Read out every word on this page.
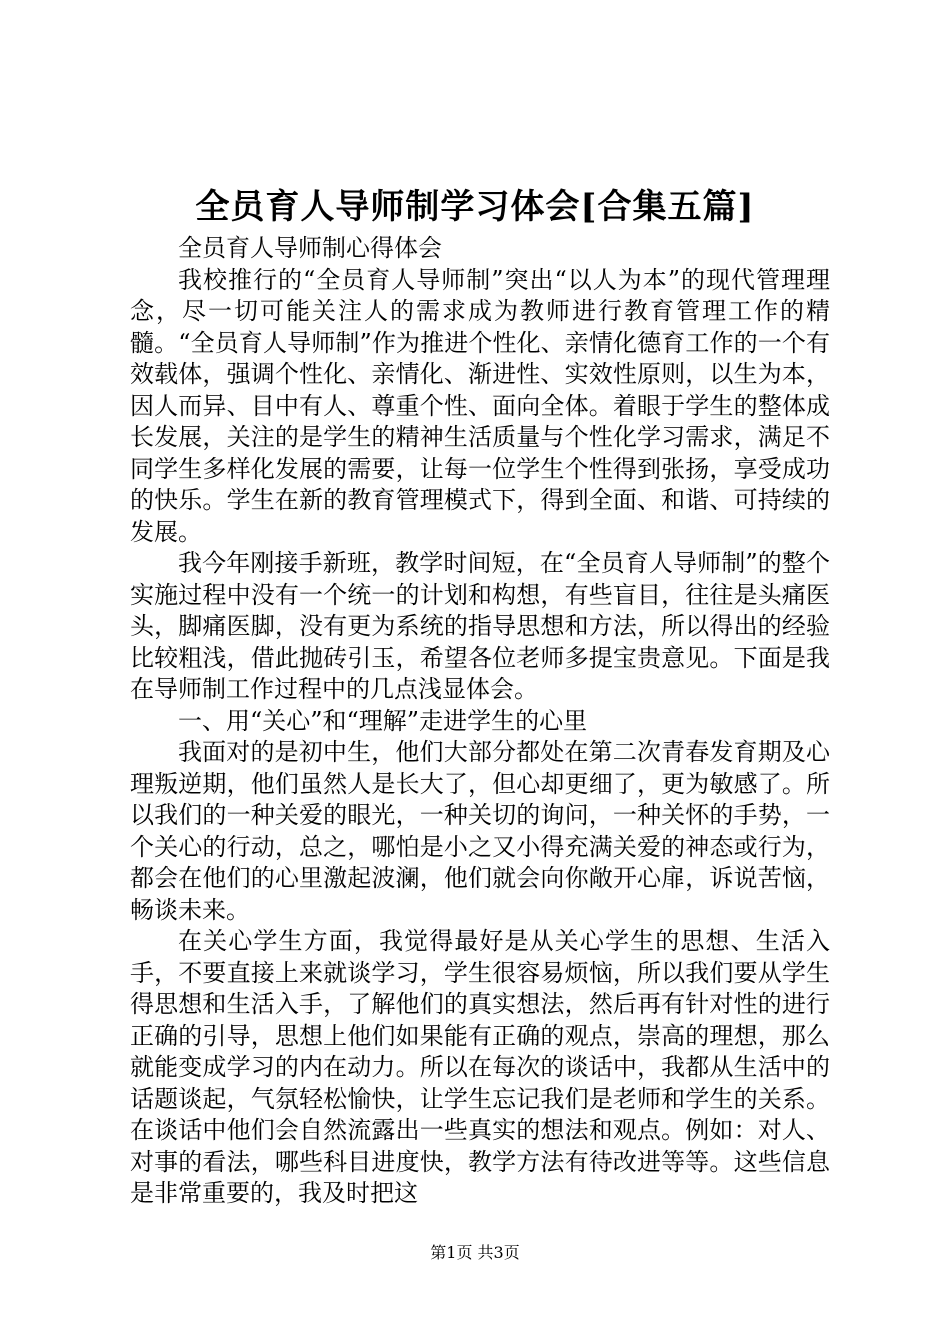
全员育人导师制学习体会[合集五篇]

全员育人导师制心得体会

我校推行的“全员育人导师制”突出“以人为本”的现代管理理念，尽一切可能关注人的需求成为教师进行教育管理工作的精髓。“全员育人导师制”作为推进个性化、亲情化德育工作的一个有效载体，强调个性化、亲情化、渐进性、实效性原则，以生为本，因人而异、目中有人、尊重个性、面向全体。着眼于学生的整体成长发展，关注的是学生的精神生活质量与个性化学习需求，满足不同学生多样化发展的需要，让每一位学生个性得到张扬，享受成功的快乐。学生在新的教育管理模式下，得到全面、和谐、可持续的发展。

我今年刚接手新班，教学时间短，在“全员育人导师制”的整个实施过程中没有一个统一的计划和构想，有些盲目，往往是头痛医头，脚痛医脚，没有更为系统的指导思想和方法，所以得出的经验比较粗浅，借此抛砖引玉，希望各位老师多提宝贵意见。下面是我在导师制工作过程中的几点浅显体会。

一、用“关心”和“理解”走进学生的心里

我面对的是初中生，他们大部分都处在第二次青春发育期及心理叛逆期，他们虽然人是长大了，但心却更细了，更为敏感了。所以我们的一种关爱的眼光，一种关切的询问，一种关怀的手势，一个关心的行动，总之，哪怕是小之又小得充满关爱的神态或行为，都会在他们的心里激起波澜，他们就会向你敞开心扉，诉说苦恼，畅谈未来。

在关心学生方面，我觉得最好是从关心学生的思想、生活入手，不要直接上来就谈学习，学生很容易烦恼，所以我们要从学生得思想和生活入手，了解他们的真实想法，然后再有针对性的进行正确的引导，思想上他们如果能有正确的观点，崇高的理想，那么就能变成学习的内在动力。所以在每次的谈话中，我都从生活中的话题谈起，气氛轻松愉快，让学生忘记我们是老师和学生的关系。在谈话中他们会自然流露出一些真实的想法和观点。例如：对人、对事的看法，哪些科目进度快，教学方法有待改进等等。这些信息是非常重要的，我及时把这

第1页 共3页
